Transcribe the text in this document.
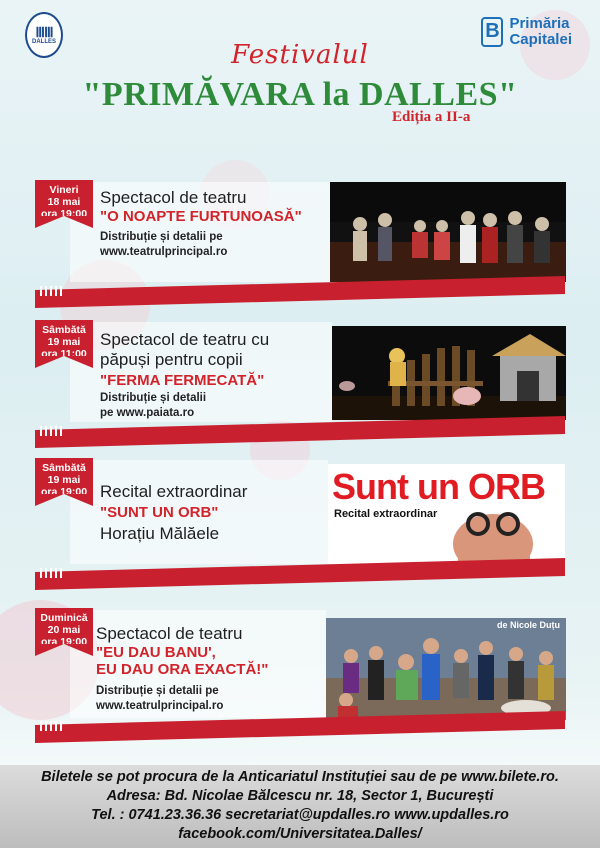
ⅢⅢ
DALLES	B Primăria
Capitalei
Festivalul
"PRIMĂVARA la DALLES"
Ediția a II-a
Vineri
18 mai
ora 19:00
Spectacol de teatru
"O NOAPTE FURTUNOASĂ"
Distribuție și detalii pe
www.teatrulprincipal.ro
Sâmbătă
19 mai
ora 11:00
Spectacol de teatru cu
păpuși pentru copii
"FERMA FERMECATĂ"
Distribuție și detalii
pe www.paiata.ro
Sunt un ORB
Recital extraordinar
Sâmbătă
19 mai
ora 19:00 Recital extraordinar
"SUNT UN ORB"
Horațiu Mălăele
de Nicole Duțu
Duminică
20 mai
ora 19:00 Spectacol de teatru
"EU DAU BANU',
EU DAU ORA EXACTĂ!"
Distribuție și detalii pe
www.teatrulprincipal.ro
Biletele se pot procura de la Anticariatul Instituției sau de pe www.bilete.ro.
Adresa: Bd. Nicolae Bălcescu nr. 18, Sector 1, București
Tel. : 0741.23.36.36 secretariat@updalles.ro www.updalles.ro
facebook.com/Universitatea.Dalles/
